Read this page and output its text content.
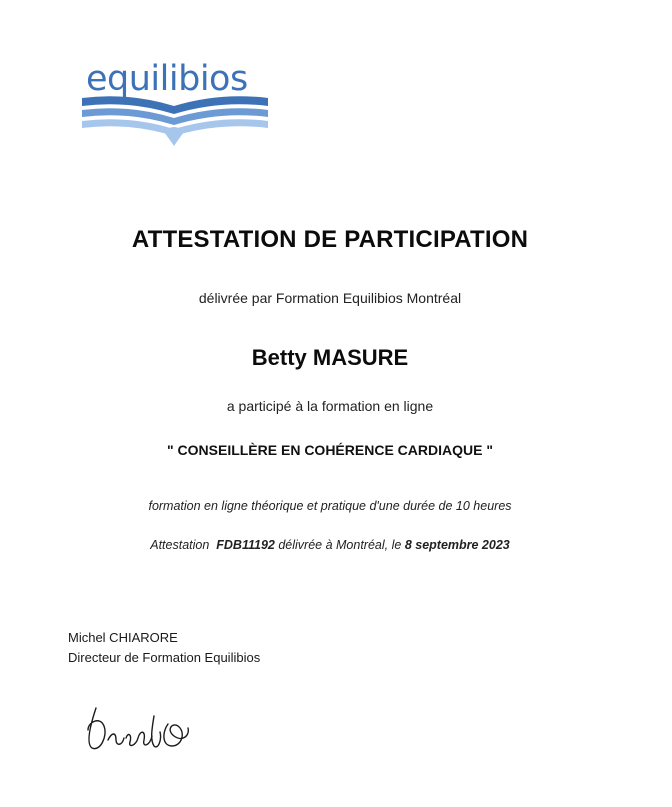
equilibios
ATTESTATION DE PARTICIPATION
délivrée par Formation Equilibios Montréal
Betty MASURE
a participé à la formation en ligne
" CONSEILLÈRE EN COHÉRENCE CARDIAQUE "
formation en ligne théorique et pratique d'une durée de 10 heures
Attestation FDB11192 délivrée à Montréal, le 8 septembre 2023
Michel CHIARORE
Directeur de Formation Equilibios
